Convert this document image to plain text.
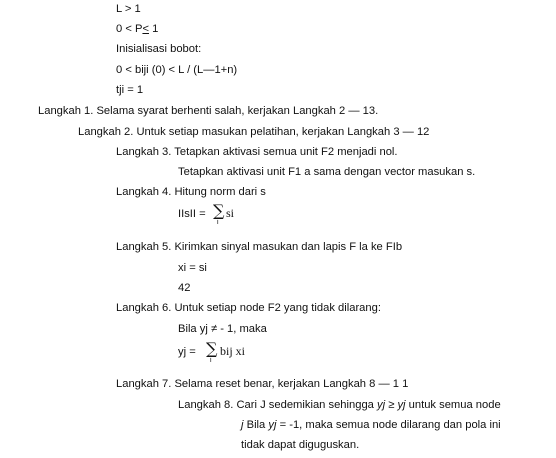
L > 1
0 < P< 1
Inisialisasi bobot:
0 < biji (0) < L / (L—1+n)
tji = 1
Langkah 1. Selama syarat berhenti salah, kerjakan Langkah 2 — 13.
Langkah 2. Untuk setiap masukan pelatihan, kerjakan Langkah 3 — 12
Langkah 3. Tetapkan aktivasi semua unit F2 menjadi nol.
Tetapkan aktivasi unit F1 a sama dengan vector masukan s.
Langkah 4. Hitung norm dari s
IIsII = ∑
i
si
Langkah 5. Kirimkan sinyal masukan dan lapis F la ke FIb
xi = si
42
Langkah 6. Untuk setiap node F2 yang tidak dilarang:
Bila yj ≠ - 1, maka
yj = ∑
i
bij xi
Langkah 7. Selama reset benar, kerjakan Langkah 8 — 1 1
Langkah 8. Cari J sedemikian sehingga yj ≥ yj untuk semua node
j Bila yj = -1, maka semua node dilarang dan pola ini
tidak dapat diguguskan.
